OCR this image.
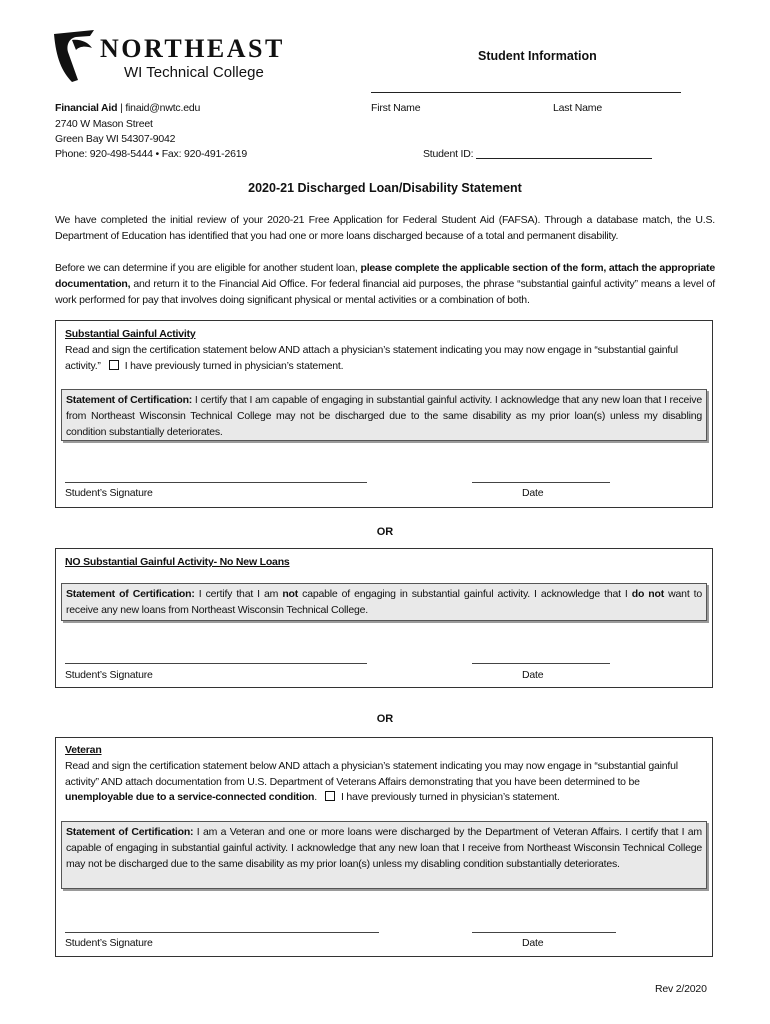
NORTHEAST
WI Technical College
Student Information
First Name	Last Name
Student ID:
Financial Aid | finaid@nwtc.edu
2740 W Mason Street
Green Bay WI 54307-9042
Phone: 920-498-5444 • Fax: 920-491-2619
2020-21 Discharged Loan/Disability Statement
We have completed the initial review of your 2020-21 Free Application for Federal Student Aid (FAFSA). Through a database match, the U.S. Department of Education has identified that you had one or more loans discharged because of a total and permanent disability.
Before we can determine if you are eligible for another student loan, please complete the applicable section of the form, attach the appropriate documentation, and return it to the Financial Aid Office. For federal financial aid purposes, the phrase “substantial gainful activity” means a level of work performed for pay that involves doing significant physical or mental activities or a combination of both.
Substantial Gainful Activity
Read and sign the certification statement below AND attach a physician’s statement indicating you may now engage in “substantial gainful activity.” I have previously turned in physician’s statement.
Statement of Certification: I certify that I am capable of engaging in substantial gainful activity. I acknowledge that any new loan that I receive from Northeast Wisconsin Technical College may not be discharged due to the same disability as my prior loan(s) unless my disabling condition substantially deteriorates.
Student’s Signature	Date
OR
NO Substantial Gainful Activity- No New Loans
Statement of Certification: I certify that I am not capable of engaging in substantial gainful activity. I acknowledge that I do not want to receive any new loans from Northeast Wisconsin Technical College.
Student’s Signature	Date
OR
Veteran
Read and sign the certification statement below AND attach a physician’s statement indicating you may now engage in “substantial gainful activity” AND attach documentation from U.S. Department of Veterans Affairs demonstrating that you have been determined to be unemployable due to a service-connected condition. I have previously turned in physician’s statement.
Statement of Certification: I am a Veteran and one or more loans were discharged by the Department of Veteran Affairs. I certify that I am capable of engaging in substantial gainful activity. I acknowledge that any new loan that I receive from Northeast Wisconsin Technical College may not be discharged due to the same disability as my prior loan(s) unless my disabling condition substantially deteriorates.
Student’s Signature	Date
Rev 2/2020
